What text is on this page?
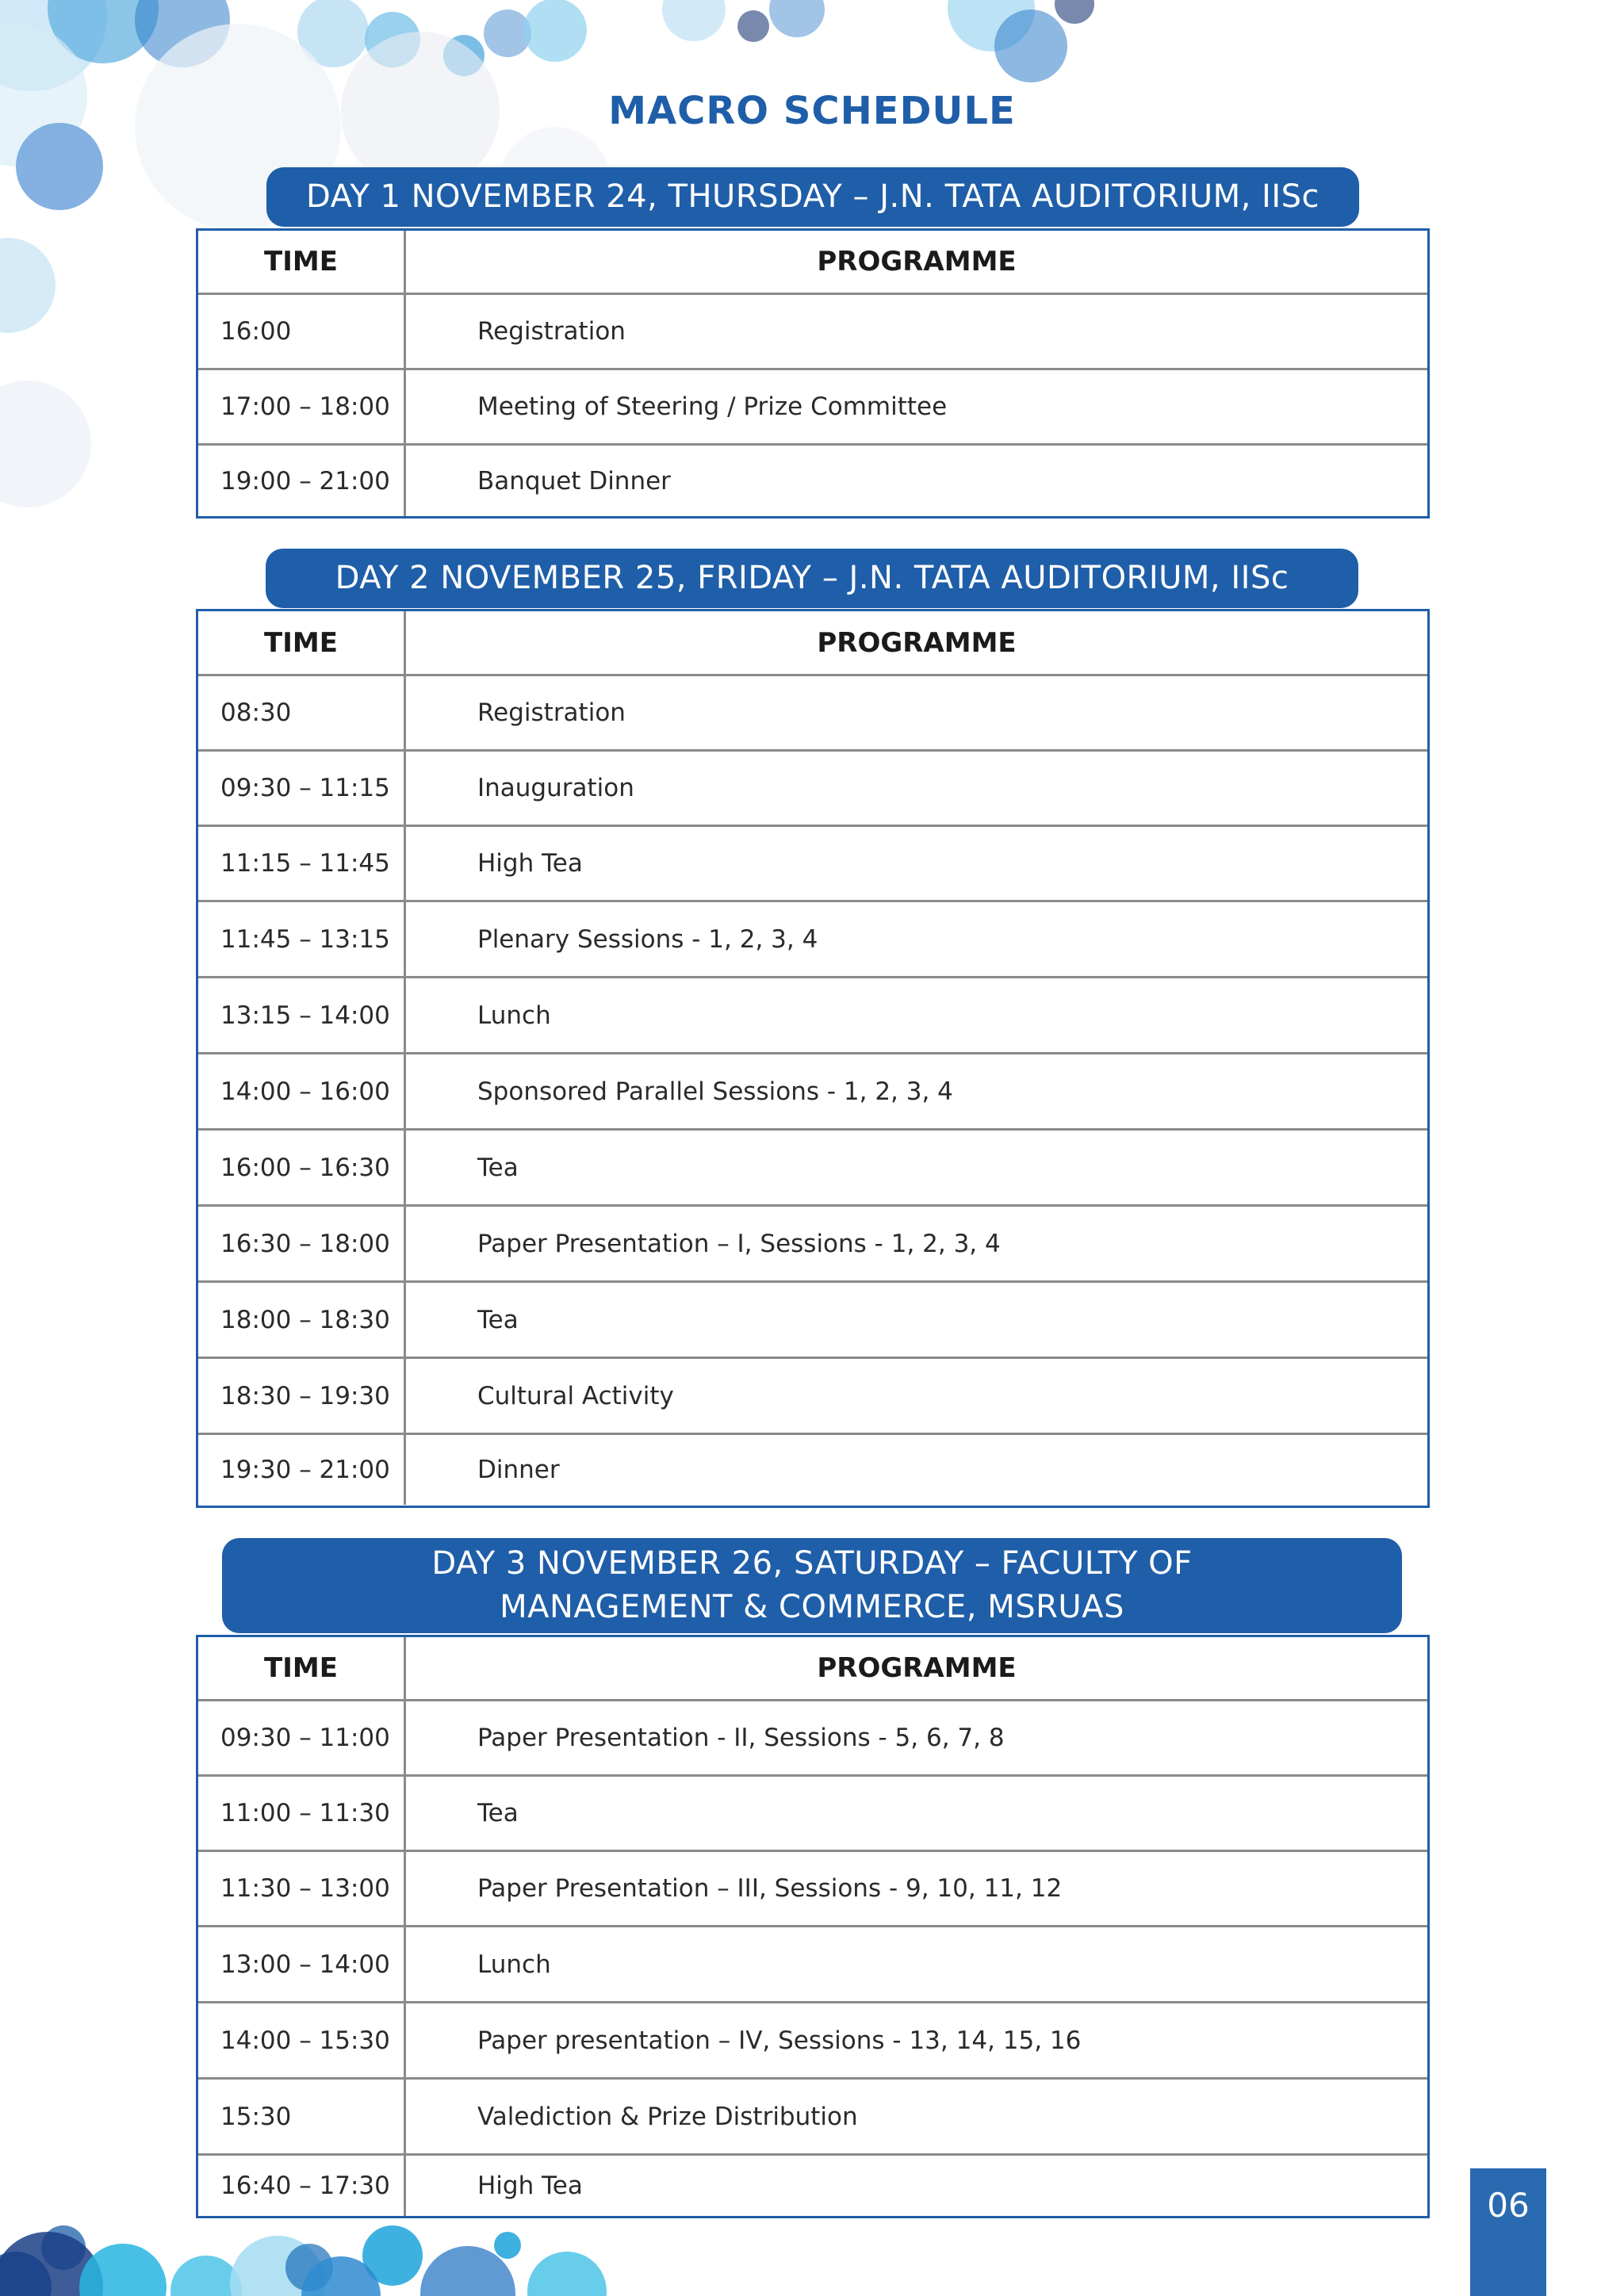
MACRO SCHEDULE
DAY 1 NOVEMBER 24, THURSDAY – J.N. TATA AUDITORIUM, IISc
TIME	PROGRAMME
16:00	Registration
17:00 – 18:00	Meeting of Steering / Prize Committee
19:00 – 21:00	Banquet Dinner
DAY 2 NOVEMBER 25, FRIDAY – J.N. TATA AUDITORIUM, IISc
TIME	PROGRAMME
08:30	Registration
09:30 – 11:15	Inauguration
11:15 – 11:45	High Tea
11:45 – 13:15	Plenary Sessions - 1, 2, 3, 4
13:15 – 14:00	Lunch
14:00 – 16:00	Sponsored Parallel Sessions - 1, 2, 3, 4
16:00 – 16:30	Tea
16:30 – 18:00	Paper Presentation – I, Sessions - 1, 2, 3, 4
18:00 – 18:30	Tea
18:30 – 19:30	Cultural Activity
19:30 – 21:00	Dinner
DAY 3 NOVEMBER 26, SATURDAY – FACULTY OF
MANAGEMENT & COMMERCE, MSRUAS
TIME	PROGRAMME
09:30 – 11:00	Paper Presentation - II, Sessions - 5, 6, 7, 8
11:00 – 11:30	Tea
11:30 – 13:00	Paper Presentation – III, Sessions - 9, 10, 11, 12
13:00 – 14:00	Lunch
14:00 – 15:30	Paper presentation – IV, Sessions - 13, 14, 15, 16
15:30	Valediction & Prize Distribution
16:40 – 17:30	High Tea	06
